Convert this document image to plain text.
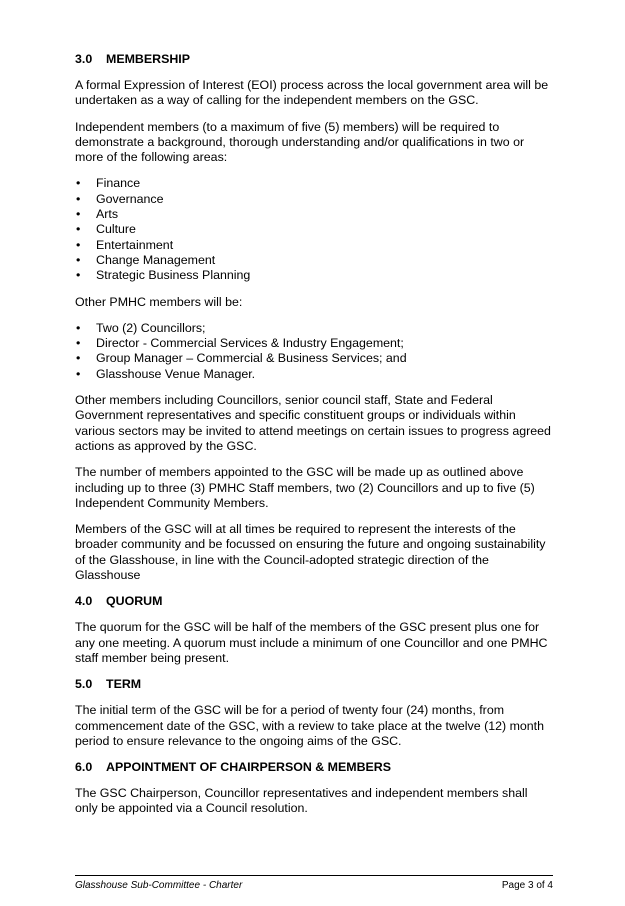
3.0 MEMBERSHIP

A formal Expression of Interest (EOI) process across the local government area will be undertaken as a way of calling for the independent members on the GSC.

Independent members (to a maximum of five (5) members) will be required to demonstrate a background, thorough understanding and/or qualifications in two or more of the following areas:

• Finance
• Governance
• Arts
• Culture
• Entertainment
• Change Management
• Strategic Business Planning

Other PMHC members will be:

• Two (2) Councillors;
• Director - Commercial Services & Industry Engagement;
• Group Manager – Commercial & Business Services; and
• Glasshouse Venue Manager.

Other members including Councillors, senior council staff, State and Federal Government representatives and specific constituent groups or individuals within various sectors may be invited to attend meetings on certain issues to progress agreed actions as approved by the GSC.

The number of members appointed to the GSC will be made up as outlined above including up to three (3) PMHC Staff members, two (2) Councillors and up to five (5) Independent Community Members.

Members of the GSC will at all times be required to represent the interests of the broader community and be focussed on ensuring the future and ongoing sustainability of the Glasshouse, in line with the Council-adopted strategic direction of the Glasshouse

4.0 QUORUM

The quorum for the GSC will be half of the members of the GSC present plus one for any one meeting. A quorum must include a minimum of one Councillor and one PMHC staff member being present.

5.0 TERM

The initial term of the GSC will be for a period of twenty four (24) months, from commencement date of the GSC, with a review to take place at the twelve (12) month period to ensure relevance to the ongoing aims of the GSC.

6.0 APPOINTMENT OF CHAIRPERSON & MEMBERS

The GSC Chairperson, Councillor representatives and independent members shall only be appointed via a Council resolution.

Glasshouse Sub-Committee - Charter	Page 3 of 4
